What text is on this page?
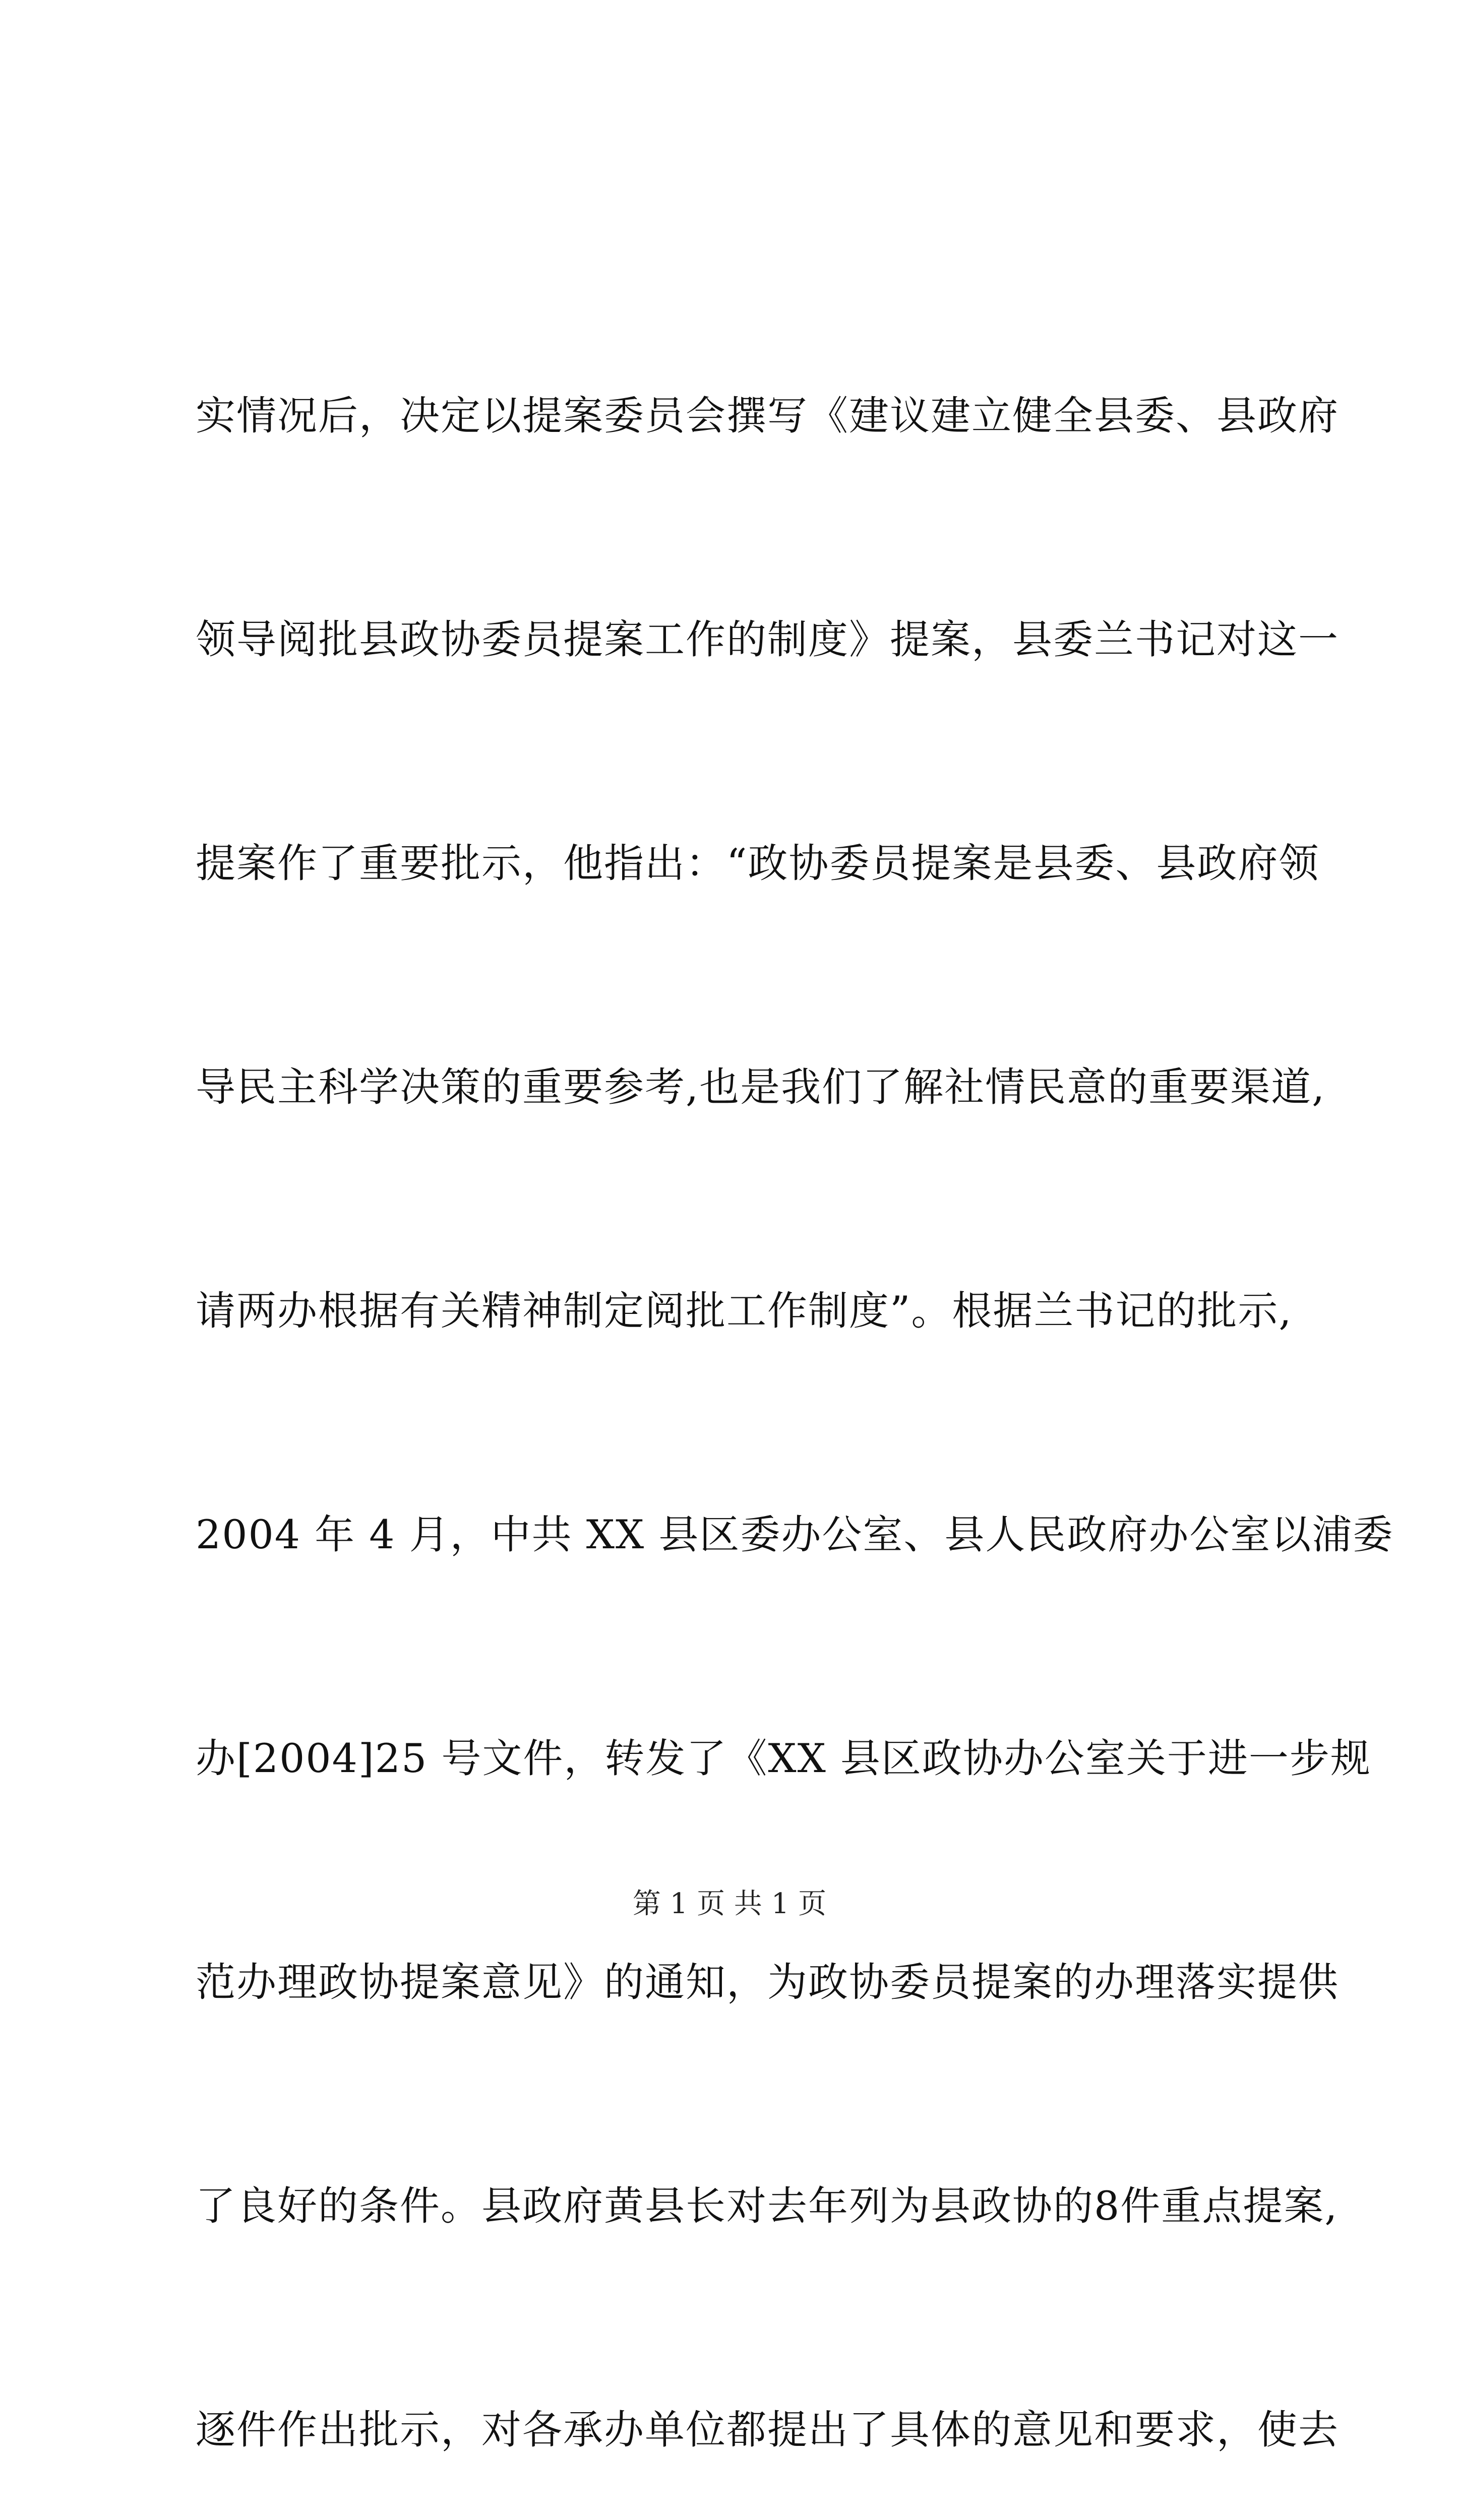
实情况后，决定以提案委员会撰写《建议建立健全县委、县政府

领导阅批县政协委员提案工作的制度》提案，县委兰书记对这一

提案作了重要批示，他指出：“政协委员提案是县委、县政府领

导民主科学决策的重要参考,也是我们了解社情民意的重要渠道,

请两办根据有关精神制定阅批工作制度”。根据兰书记的批示,

2004 年 4 月，中共 XX 县区委办公室、县人民政府办公室以浦委

办[2004]25 号文件，转发了《XX 县区政协办公室关于进一步规

范办理政协提案意见》的通知，为政协委员提案的办理落实提供

了良好的条件。县政府黄县长对去年列为县政协的8件重点提案,

逐件作出批示，对各承办单位都提出了具体的意见和要求，使去

第 1 页 共 1 页
